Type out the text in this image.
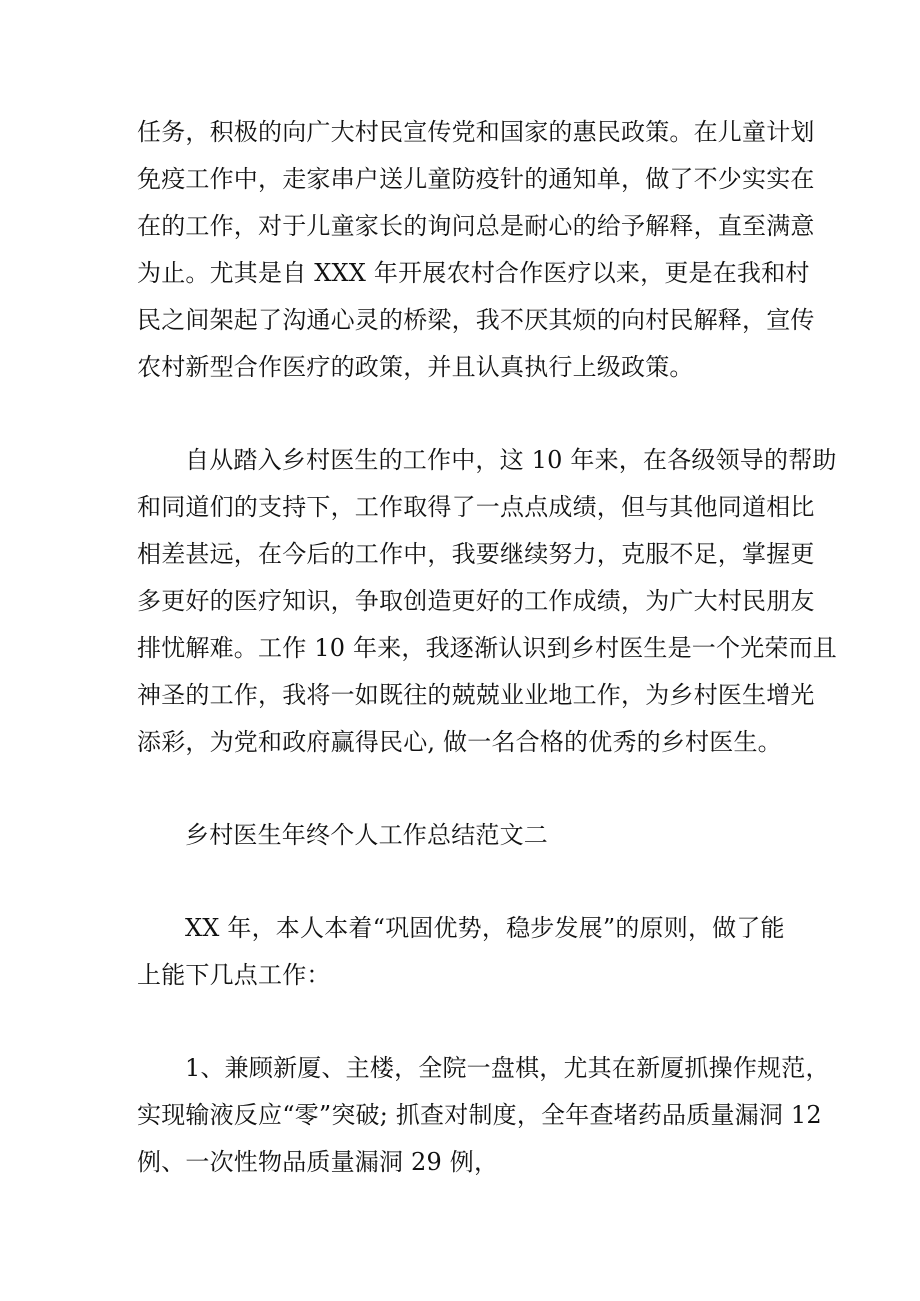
任务，积极的向广大村民宣传党和国家的惠民政策。在儿童计划
免疫工作中，走家串户送儿童防疫针的通知单，做了不少实实在
在的工作，对于儿童家长的询问总是耐心的给予解释，直至满意
为止。尤其是自 XXX 年开展农村合作医疗以来，更是在我和村
民之间架起了沟通心灵的桥梁，我不厌其烦的向村民解释，宣传
农村新型合作医疗的政策，并且认真执行上级政策。
自从踏入乡村医生的工作中，这 10 年来，在各级领导的帮助
和同道们的支持下，工作取得了一点点成绩，但与其他同道相比
相差甚远，在今后的工作中，我要继续努力，克服不足，掌握更
多更好的医疗知识，争取创造更好的工作成绩，为广大村民朋友
排忧解难。工作 10 年来，我逐渐认识到乡村医生是一个光荣而且
神圣的工作，我将一如既往的兢兢业业地工作，为乡村医生增光
添彩，为党和政府赢得民心, 做一名合格的优秀的乡村医生。
乡村医生年终个人工作总结范文二
XX 年，本人本着“巩固优势，稳步发展”的原则，做了能
上能下几点工作：
1、兼顾新厦、主楼，全院一盘棋，尤其在新厦抓操作规范，
实现输液反应“零”突破; 抓查对制度，全年查堵药品质量漏洞 12
例、一次性物品质量漏洞 29 例，
